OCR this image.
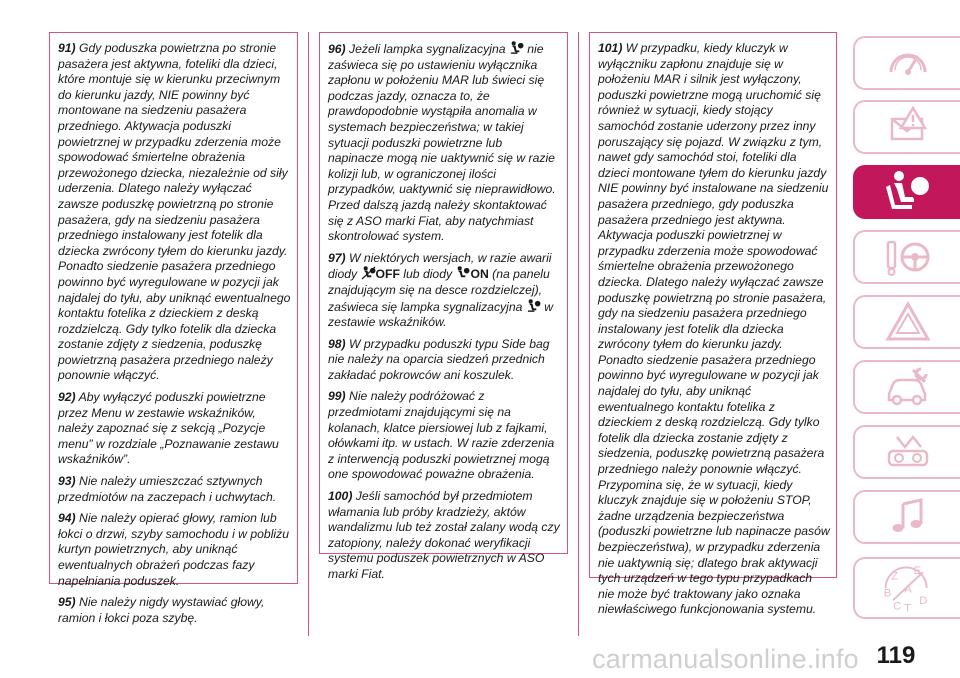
91) Gdy poduszka powietrzna po stronie pasażera jest aktywna, foteliki dla dzieci, które montuje się w kierunku przeciwnym do kierunku jazdy, NIE powinny być montowane na siedzeniu pasażera przedniego. Aktywacja poduszki powietrznej w przypadku zderzenia może spowodować śmiertelne obrażenia przewożonego dziecka, niezależnie od siły uderzenia. Dlatego należy wyłączać zawsze poduszkę powietrzną po stronie pasażera, gdy na siedzeniu pasażera przedniego instalowany jest fotelik dla dziecka zwrócony tyłem do kierunku jazdy. Ponadto siedzenie pasażera przedniego powinno być wyregulowane w pozycji jak najdalej do tyłu, aby uniknąć ewentualnego kontaktu fotelika z dzieckiem z deską rozdzielczą. Gdy tylko fotelik dla dziecka zostanie zdjęty z siedzenia, poduszkę powietrzną pasażera przedniego należy ponownie włączyć.

92) Aby wyłączyć poduszki powietrzne przez Menu w zestawie wskaźników, należy zapoznać się z sekcją „Pozycje menu” w rozdziale „Poznawanie zestawu wskaźników”.

93) Nie należy umieszczać sztywnych przedmiotów na zaczepach i uchwytach.

94) Nie należy opierać głowy, ramion lub łokci o drzwi, szyby samochodu i w pobliżu kurtyn powietrznych, aby uniknąć ewentualnych obrażeń podczas fazy napełniania poduszek.

95) Nie należy nigdy wystawiać głowy, ramion i łokci poza szybę.

96) Jeżeli lampka sygnalizacyjna nie zaświeca się po ustawieniu wyłącznika zapłonu w położeniu MAR lub świeci się podczas jazdy, oznacza to, że prawdopodobnie wystąpiła anomalia w systemach bezpieczeństwa; w takiej sytuacji poduszki powietrzne lub napinacze mogą nie uaktywnić się w razie kolizji lub, w ograniczonej ilości przypadków, uaktywnić się nieprawidłowo. Przed dalszą jazdą należy skontaktować się z ASO marki Fiat, aby natychmiast skontrolować system.

97) W niektórych wersjach, w razie awarii diody OFF lub diody ON (na panelu znajdującym się na desce rozdzielczej), zaświeca się lampka sygnalizacyjna w zestawie wskaźników.

98) W przypadku poduszki typu Side bag nie należy na oparcia siedzeń przednich zakładać pokrowców ani koszulek.

99) Nie należy podróżować z przedmiotami znajdującymi się na kolanach, klatce piersiowej lub z fajkami, ołówkami itp. w ustach. W razie zderzenia z interwencją poduszki powietrznej mogą one spowodować poważne obrażenia.

100) Jeśli samochód był przedmiotem włamania lub próby kradzieży, aktów wandalizmu lub też został zalany wodą czy zatopiony, należy dokonać weryfikacji systemu poduszek powietrznych w ASO marki Fiat.

101) W przypadku, kiedy kluczyk w wyłączniku zapłonu znajduje się w położeniu MAR i silnik jest wyłączony, poduszki powietrzne mogą uruchomić się również w sytuacji, kiedy stojący samochód zostanie uderzony przez inny poruszający się pojazd. W związku z tym, nawet gdy samochód stoi, foteliki dla dzieci montowane tyłem do kierunku jazdy NIE powinny być instalowane na siedzeniu pasażera przedniego, gdy poduszka pasażera przedniego jest aktywna. Aktywacja poduszki powietrznej w przypadku zderzenia może spowodować śmiertelne obrażenia przewożonego dziecka. Dlatego należy wyłączać zawsze poduszkę powietrzną po stronie pasażera, gdy na siedzeniu pasażera przedniego instalowany jest fotelik dla dziecka zwrócony tyłem do kierunku jazdy. Ponadto siedzenie pasażera przedniego powinno być wyregulowane w pozycji jak najdalej do tyłu, aby uniknąć ewentualnego kontaktu fotelika z dzieckiem z deską rozdzielczą. Gdy tylko fotelik dla dziecka zostanie zdjęty z siedzenia, poduszkę powietrzną pasażera przedniego należy ponownie włączyć. Przypomina się, że w sytuacji, kiedy kluczyk znajduje się w położeniu STOP, żadne urządzenia bezpieczeństwa (poduszki powietrzne lub napinacze pasów bezpieczeństwa), w przypadku zderzenia nie uaktywnią się; dlatego brak aktywacji tych urządzeń w tego typu przypadkach nie może być traktowany jako oznaka niewłaściwego funkcjonowania systemu.

Z E
B A
C T
D
119
carmanualsonline.info
